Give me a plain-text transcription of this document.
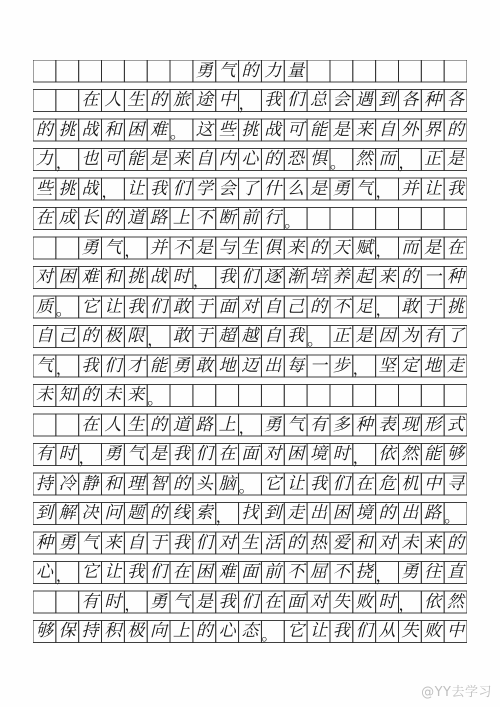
勇 气 的 力 量
在 人 生 的 旅 途 中 ， 我 们 总 会 遇 到 各 种 各
的 挑 战 和 困 难 。 这 些 挑 战 可 能 是 来 自 外 界 的
力 ， 也 可 能 是 来 自 内 心 的 恐 惧 。 然 而 ， 正 是
些 挑 战 ， 让 我 们 学 会 了 什 么 是 勇 气 ， 并 让 我
在 成 长 的 道 路 上 不 断 前 行 。
勇 气 ， 并 不 是 与 生 俱 来 的 天 赋 ， 而 是 在
对 困 难 和 挑 战 时 ， 我 们 逐 渐 培 养 起 来 的 一 种
质 。 它 让 我 们 敢 于 面 对 自 己 的 不 足 ， 敢 于 挑
自 己 的 极 限 ， 敢 于 超 越 自 我 。 正 是 因 为 有 了
气 ， 我 们 才 能 勇 敢 地 迈 出 每 一 步 ， 坚 定 地 走
未 知 的 未 来 。
在 人 生 的 道 路 上 ， 勇 气 有 多 种 表 现 形 式
有 时 ， 勇 气 是 我 们 在 面 对 困 境 时 ， 依 然 能 够
持 冷 静 和 理 智 的 头 脑 。 它 让 我 们 在 危 机 中 寻
到 解 决 问 题 的 线 索 ， 找 到 走 出 困 境 的 出 路 。
种 勇 气 来 自 于 我 们 对 生 活 的 热 爱 和 对 未 来 的
心 ， 它 让 我 们 在 困 难 面 前 不 屈 不 挠 ， 勇 往 直
有 时 ， 勇 气 是 我 们 在 面 对 失 败 时 ， 依 然
够 保 持 积 极 向 上 的 心 态 。 它 让 我 们 从 失 败 中
@YY去学习
